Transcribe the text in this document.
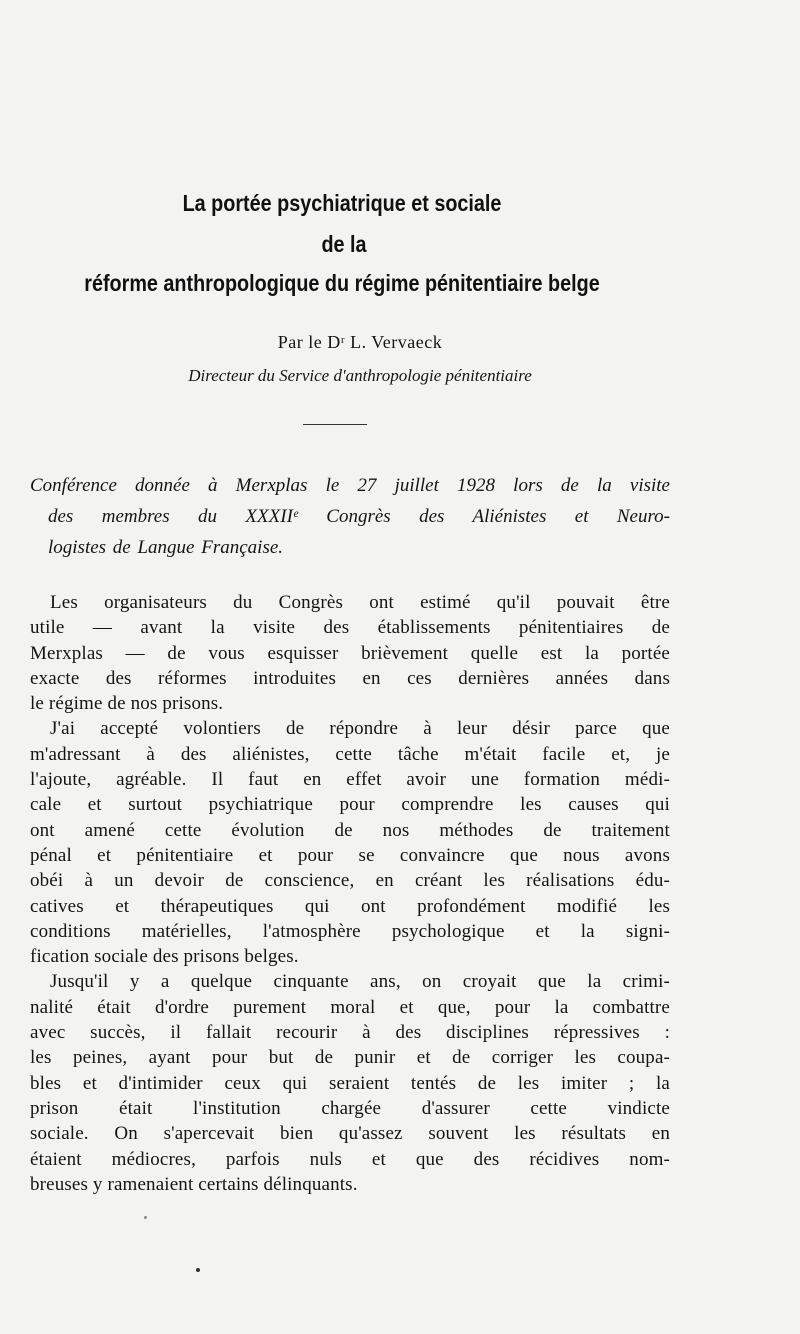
La portée psychiatrique et sociale
de la
réforme anthropologique du régime pénitentiaire belge
Par le Dʳ L. Vervaeck
Directeur du Service d'anthropologie pénitentiaire
Conférence donnée à Merxplas le 27 juillet 1928 lors de la visite
des membres du XXXIIᵉ Congrès des Aliénistes et Neuro-
logistes de Langue Française.

Les organisateurs du Congrès ont estimé qu'il pouvait être
utile — avant la visite des établissements pénitentiaires de
Merxplas — de vous esquisser brièvement quelle est la portée
exacte des réformes introduites en ces dernières années dans
le régime de nos prisons.

J'ai accepté volontiers de répondre à leur désir parce que
m'adressant à des aliénistes, cette tâche m'était facile et, je
l'ajoute, agréable. Il faut en effet avoir une formation médi-
cale et surtout psychiatrique pour comprendre les causes qui
ont amené cette évolution de nos méthodes de traitement
pénal et pénitentiaire et pour se convaincre que nous avons
obéi à un devoir de conscience, en créant les réalisations édu-
catives et thérapeutiques qui ont profondément modifié les
conditions matérielles, l'atmosphère psychologique et la signi-
fication sociale des prisons belges.

Jusqu'il y a quelque cinquante ans, on croyait que la crimi-
nalité était d'ordre purement moral et que, pour la combattre
avec succès, il fallait recourir à des disciplines répressives :
les peines, ayant pour but de punir et de corriger les coupa-
bles et d'intimider ceux qui seraient tentés de les imiter ; la
prison était l'institution chargée d'assurer cette vindicte
sociale. On s'apercevait bien qu'assez souvent les résultats en
étaient médiocres, parfois nuls et que des récidives nom-
breuses y ramenaient certains délinquants.
